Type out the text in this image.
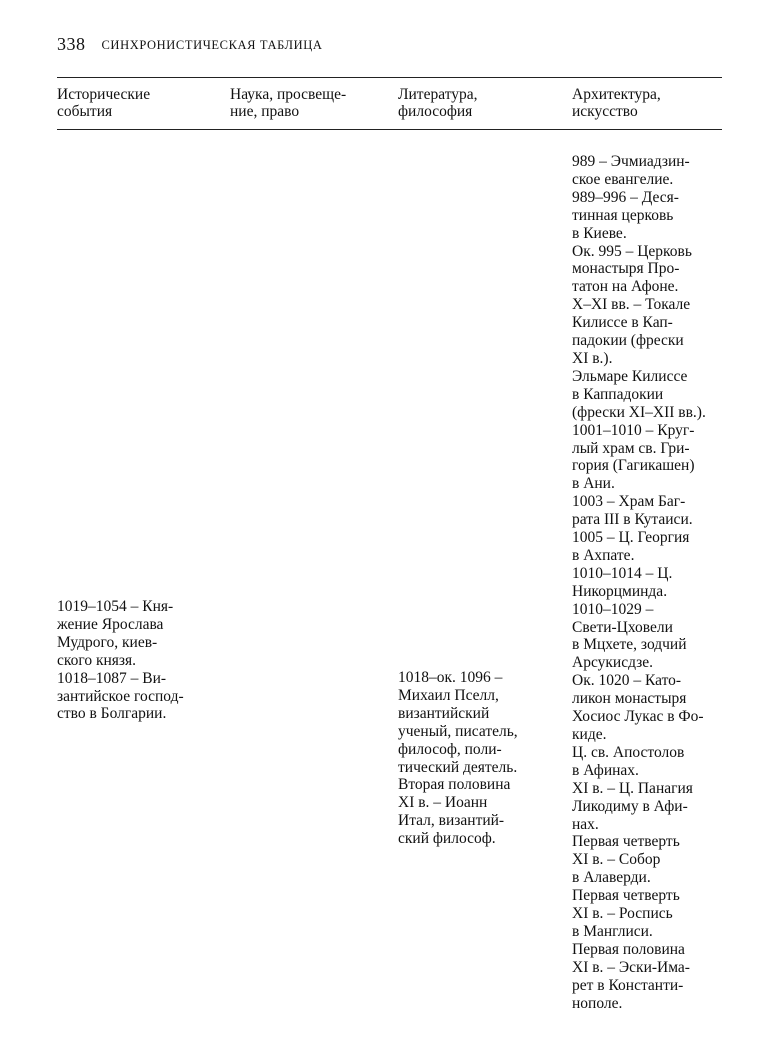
338 СИНХРОНИСТИЧЕСКАЯ ТАБЛИЦА
Исторические
события
Наука, просвеще-
ние, право
Литература,
философия
Архитектура,
искусство
1019–1054 – Кня-
жение Ярослава
Мудрого, киев-
ского князя.
1018–1087 – Ви-
зантийское господ-
ство в Болгарии.
1018–ок. 1096 –
Михаил Пселл,
византийский
ученый, писатель,
философ, поли-
тический деятель.
Вторая половина
XI в. – Иоанн
Итал, византий-
ский философ.
989 – Эчмиадзин-
ское евангелие.
989–996 – Деся-
тинная церковь
в Киеве.
Ок. 995 – Церковь
монастыря Про-
татон на Афоне.
X–XI вв. – Токале
Килиссе в Кап-
падокии (фрески
XI в.).
Эльмаре Килиссе
в Каппадокии
(фрески XI–XII вв.).
1001–1010 – Круг-
лый храм св. Гри-
гория (Гагикашен)
в Ани.
1003 – Храм Баг-
рата III в Кутаиси.
1005 – Ц. Георгия
в Ахпате.
1010–1014 – Ц.
Никорцминда.
1010–1029 –
Свети-Цховели
в Мцхете, зодчий
Арсукисдзе.
Ок. 1020 – Като-
ликон монастыря
Хосиос Лукас в Фо-
киде.
Ц. св. Апостолов
в Афинах.
XI в. – Ц. Панагия
Ликодиму в Афи-
нах.
Первая четверть
XI в. – Собор
в Алаверди.
Первая четверть
XI в. – Роспись
в Манглиси.
Первая половина
XI в. – Эски-Има-
рет в Константи-
нополе.
